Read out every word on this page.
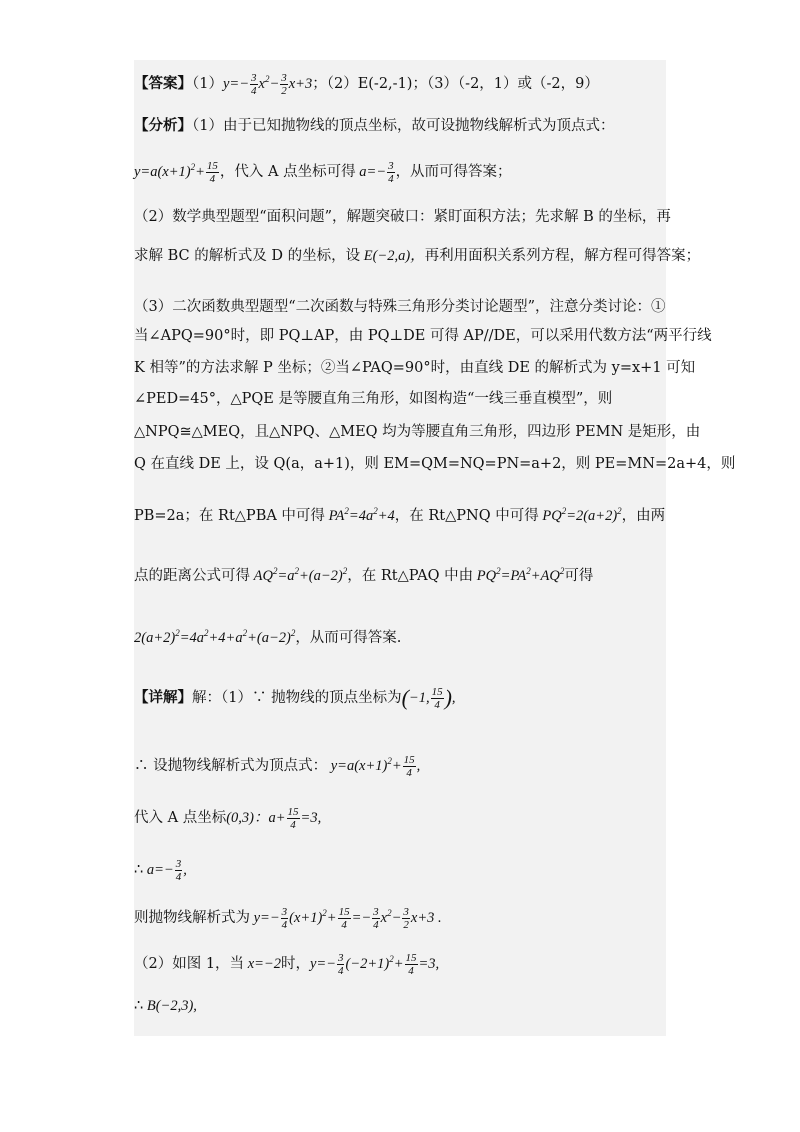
【答案】$(1)y=- \frac{3}{4} x^2- \frac{3}{2} x+3$；（2）E(-2,-1)；（3）（-2，1）或（-2，9）
【分析】（1）由于已知抛物线的顶点坐标，故可设抛物线解析式为顶点式：
$y=a(x+1)^2+ \frac{15}{4}$ ，代入 A 点坐标可得 $a=- \frac{3}{4}$ ，从而可得答案；
（2）数学典型题型“面积问题”，解题突破口：紧盯面积方法；先求解 B 的坐标，再
求解 BC 的解析式及 D 的坐标，设 E(−2,a)，再利用面积关系列方程，解方程可得答案；
（3）二次函数典型题型“二次函数与特殊三角形分类讨论题型”，注意分类讨论：①
当∠APQ=90°时，即 PQ⊥AP，由 PQ⊥DE 可得 AP//DE，可以采用代数方法“两平行线
K 相等”的方法求解 P 坐标；②当∠PAQ=90°时，由直线 DE 的解析式为 y=x+1 可知
∠PED=45°，△PQE 是等腰直角三角形，如图构造“一线三垂直模型”，则
△NPQ≅△MEQ，且△NPQ、△MEQ 均为等腰直角三角形，四边形 PEMN 是矩形，由
Q 在直线 DE 上，设 Q(a，a+1)，则 EM=QM=NQ=PN=a+2，则 PE=MN=2a+4，则
PB=2a；在 Rt△PBA 中可得 $PA^2=4a^2+4$，在 Rt△PNQ 中可得 $PQ^2=2(a+2)^2$，由两
点的距离公式可得 $AQ^2=a^2+(a-2)^2$，在 Rt△PAQ 中由 $PQ^2=PA^2+AQ^2$可得
$2(a+2)^2=4a^2+4+a^2+(a-2)^2$，从而可得答案.
【详解】解：（1）∵ 抛物线的顶点坐标为(−1, $\frac{15}{4}$ ),
∴ 设抛物线解析式为顶点式： $y=a(x+1)^2+ \frac{15}{4}$ ,
代入 A 点坐标(0,3)：$a+ \frac{15}{4} =3$,
∴ $a=- \frac{3}{4}$ ,
则抛物线解析式为 $y=- \frac{3}{4} (x+1)^2+ \frac{15}{4} =- \frac{3}{4} x^2- \frac{3}{2} x+3$ .
（2）如图 1，当 x=−2时，$y=- \frac{3}{4} (-2+1)^2+ \frac{15}{4} =3$,
∴ B(−2,3),
